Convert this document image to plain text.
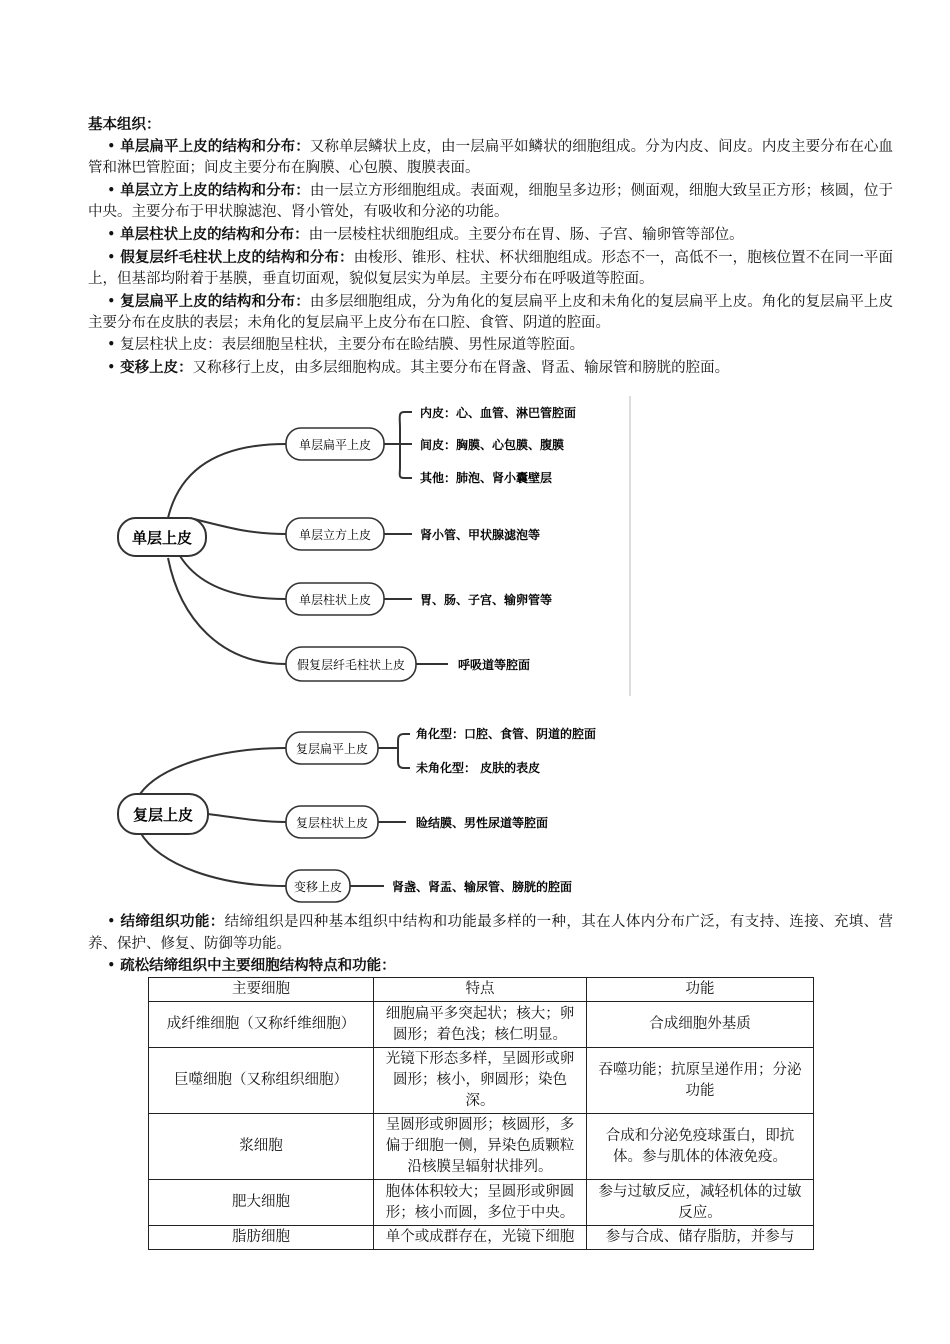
基本组织：

• 单层扁平上皮的结构和分布：又称单层鳞状上皮，由一层扁平如鳞状的细胞组成。分为内皮、间皮。内皮主要分布在心血管和淋巴管腔面；间皮主要分布在胸膜、心包膜、腹膜表面。

• 单层立方上皮的结构和分布：由一层立方形细胞组成。表面观，细胞呈多边形；侧面观，细胞大致呈正方形；核圆，位于中央。主要分布于甲状腺滤泡、肾小管处，有吸收和分泌的功能。

• 单层柱状上皮的结构和分布：由一层棱柱状细胞组成。主要分布在胃、肠、子宫、输卵管等部位。

• 假复层纤毛柱状上皮的结构和分布：由梭形、锥形、柱状、杯状细胞组成。形态不一，高低不一，胞核位置不在同一平面上，但基部均附着于基膜，垂直切面观，貌似复层实为单层。主要分布在呼吸道等腔面。

• 复层扁平上皮的结构和分布：由多层细胞组成，分为角化的复层扁平上皮和未角化的复层扁平上皮。角化的复层扁平上皮主要分布在皮肤的表层；未角化的复层扁平上皮分布在口腔、食管、阴道的腔面。

• 复层柱状上皮：表层细胞呈柱状，主要分布在睑结膜、男性尿道等腔面。

• 变移上皮：又称移行上皮，由多层细胞构成。其主要分布在肾盏、肾盂、输尿管和膀胱的腔面。

单层上皮
单层扁平上皮
单层立方上皮
单层柱状上皮
假复层纤毛柱状上皮
内皮：心、血管、淋巴管腔面
间皮：胸膜、心包膜、腹膜
其他：肺泡、肾小囊壁层
肾小管、甲状腺滤泡等
胃、肠、子宫、输卵管等
呼吸道等腔面
复层上皮
复层扁平上皮
复层柱状上皮
变移上皮
角化型：口腔、食管、阴道的腔面
未角化型： 皮肤的表皮
睑结膜、男性尿道等腔面
肾盏、肾盂、输尿管、膀胱的腔面

• 结缔组织功能：结缔组织是四种基本组织中结构和功能最多样的一种，其在人体内分布广泛，有支持、连接、充填、营养、保护、修复、防御等功能。

• 疏松结缔组织中主要细胞结构特点和功能：

主要细胞	特点	功能
成纤维细胞（又称纤维细胞）	细胞扁平多突起状；核大；卵圆形；着色浅；核仁明显。	合成细胞外基质
巨噬细胞（又称组织细胞）	光镜下形态多样，呈圆形或卵圆形；核小，卵圆形；染色深。	吞噬功能；抗原呈递作用；分泌功能
浆细胞	呈圆形或卵圆形；核圆形，多偏于细胞一侧，异染色质颗粒沿核膜呈辐射状排列。	合成和分泌免疫球蛋白，即抗体。参与肌体的体液免疫。
肥大细胞	胞体体积较大；呈圆形或卵圆形；核小而圆，多位于中央。	参与过敏反应，减轻机体的过敏反应。
脂肪细胞	单个或成群存在，光镜下细胞	参与合成、储存脂肪，并参与
